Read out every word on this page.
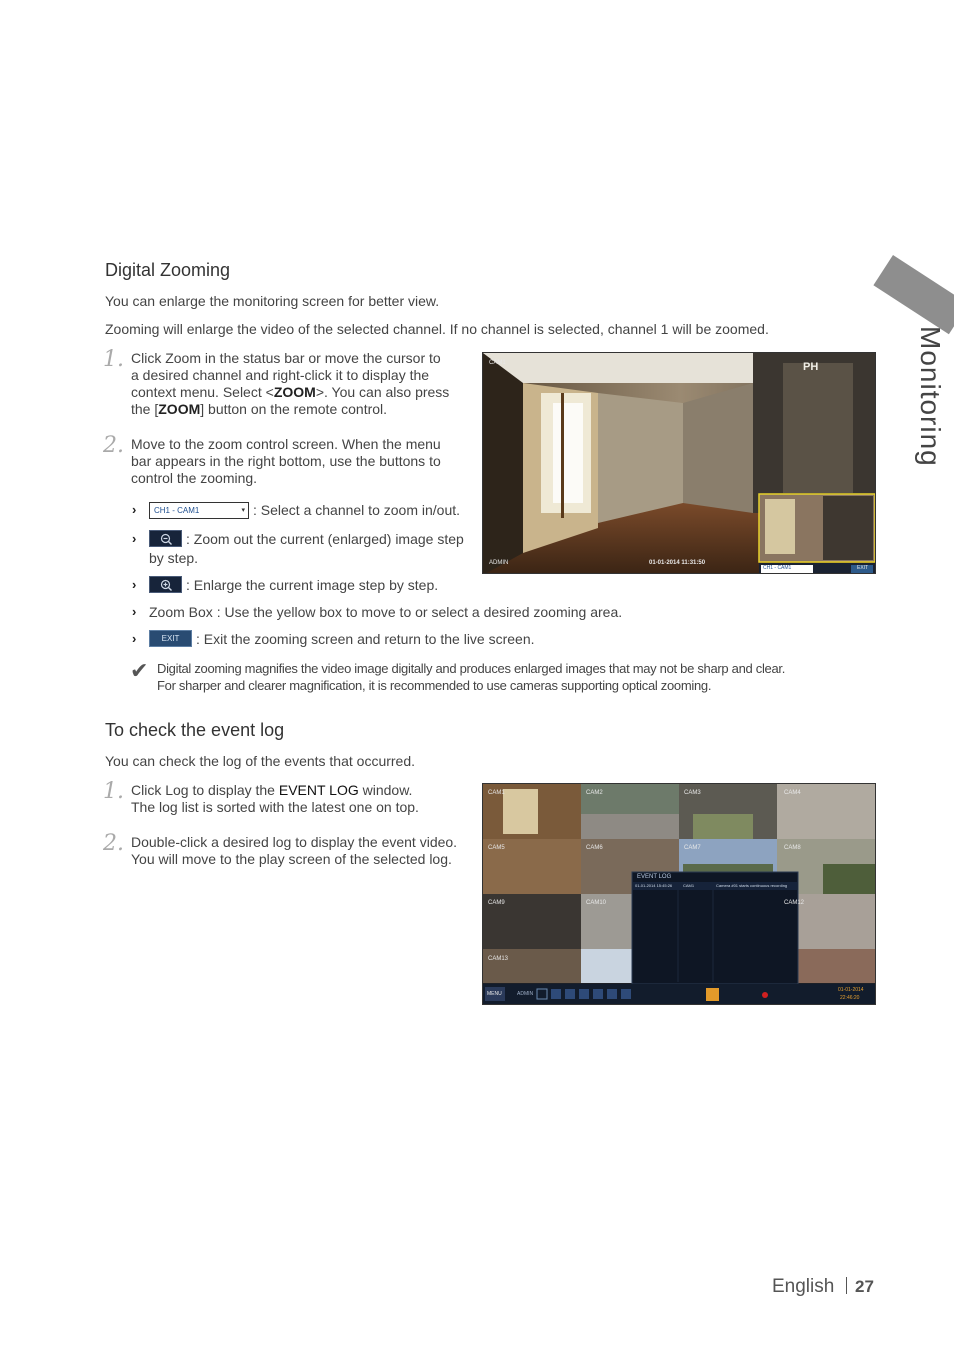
Monitoring
Digital Zooming

You can enlarge the monitoring screen for better view.

Zooming will enlarge the video of the selected channel. If no channel is selected, channel 1 will be zoomed.

1. Click Zoom in the status bar or move the cursor to
a desired channel and right-click it to display the
context menu. Select <ZOOM>. You can also press
the [ZOOM] button on the remote control.
2. Move to the zoom control screen. When the menu
bar appears in the right bottom, use the buttons to
control the zooming.
›	CH1 - CAM1	▾ : Select a channel to zoom in/out.
›	: Zoom out the current (enlarged) image step
by step.
›	: Enlarge the current image step by step.
› Zoom Box : Use the yellow box to move to or select a desired zooming area.
›	EXIT	: Exit the zooming screen and return to the live screen.
✔ Digital zooming magnifies the video image digitally and produces enlarged images that may not be sharp and clear.
For sharper and clearer magnification, it is recommended to use cameras supporting optical zooming.
CAM1	PH
ADMIN	01-01-2014 11:31:50
CH1 - CAM1	EXIT
To check the event log

You can check the log of the events that occurred.

1. Click Log to display the EVENT LOG window.
The log list is sorted with the latest one on top.
2. Double-click a desired log to display the event video.
You will move to the play screen of the selected log.
CAM1	CAM2	CAM3	CAM4
CAM5	CAM6	CAM7	CAM8
CAM9	CAM10	CAM12
CAM13
EVENT LOG
01-01-2014 15:45:26	CAM1	Camera #01 starts continuous recording
MENU	ADMIN
01-01-2014
22:46:20
English 27
